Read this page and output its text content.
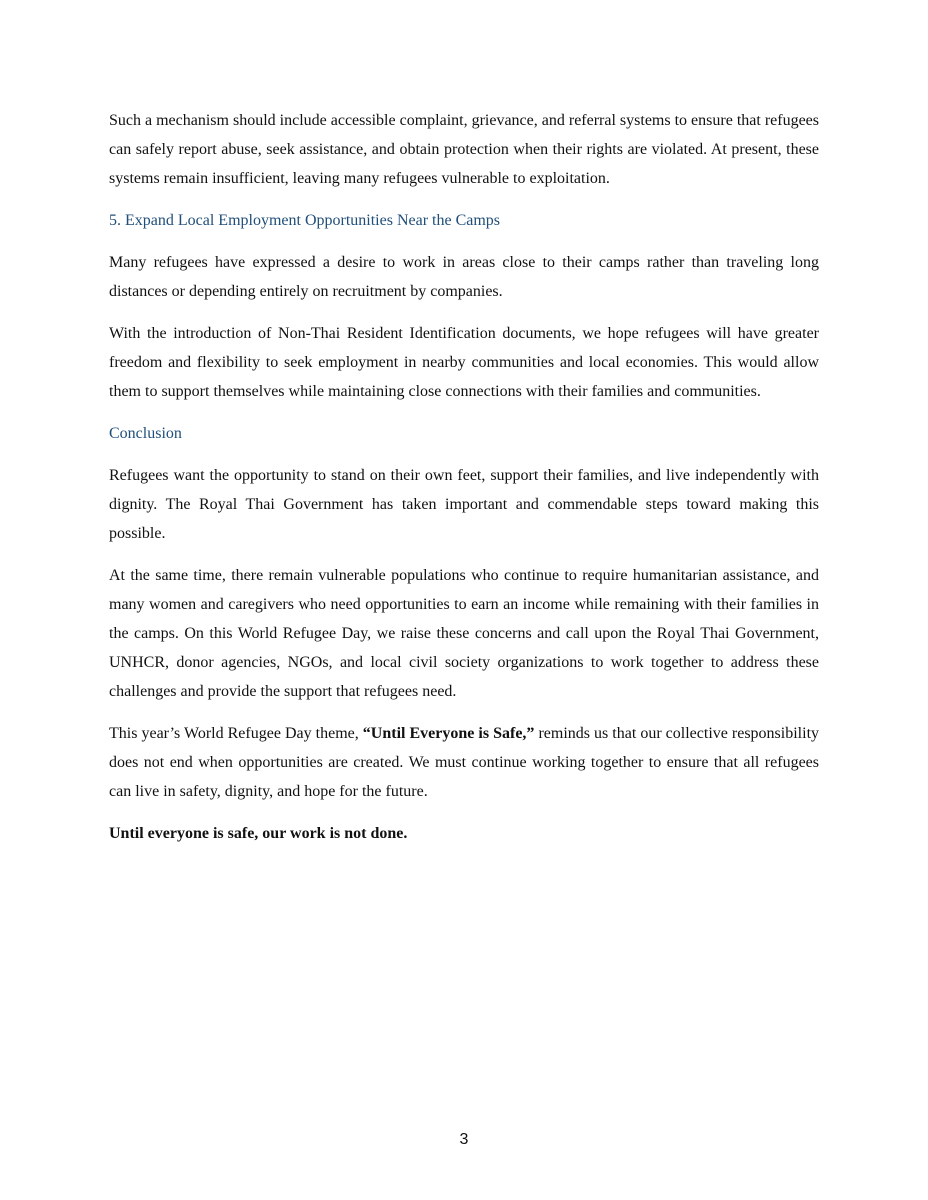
Such a mechanism should include accessible complaint, grievance, and referral systems to ensure that refugees can safely report abuse, seek assistance, and obtain protection when their rights are violated. At present, these systems remain insufficient, leaving many refugees vulnerable to exploitation.

5. Expand Local Employment Opportunities Near the Camps

Many refugees have expressed a desire to work in areas close to their camps rather than traveling long distances or depending entirely on recruitment by companies.

With the introduction of Non-Thai Resident Identification documents, we hope refugees will have greater freedom and flexibility to seek employment in nearby communities and local economies. This would allow them to support themselves while maintaining close connections with their families and communities.

Conclusion

Refugees want the opportunity to stand on their own feet, support their families, and live independently with dignity. The Royal Thai Government has taken important and commendable steps toward making this possible.

At the same time, there remain vulnerable populations who continue to require humanitarian assistance, and many women and caregivers who need opportunities to earn an income while remaining with their families in the camps. On this World Refugee Day, we raise these concerns and call upon the Royal Thai Government, UNHCR, donor agencies, NGOs, and local civil society organizations to work together to address these challenges and provide the support that refugees need.

This year’s World Refugee Day theme, “Until Everyone is Safe,” reminds us that our collective responsibility does not end when opportunities are created. We must continue working together to ensure that all refugees can live in safety, dignity, and hope for the future.

Until everyone is safe, our work is not done.

3
